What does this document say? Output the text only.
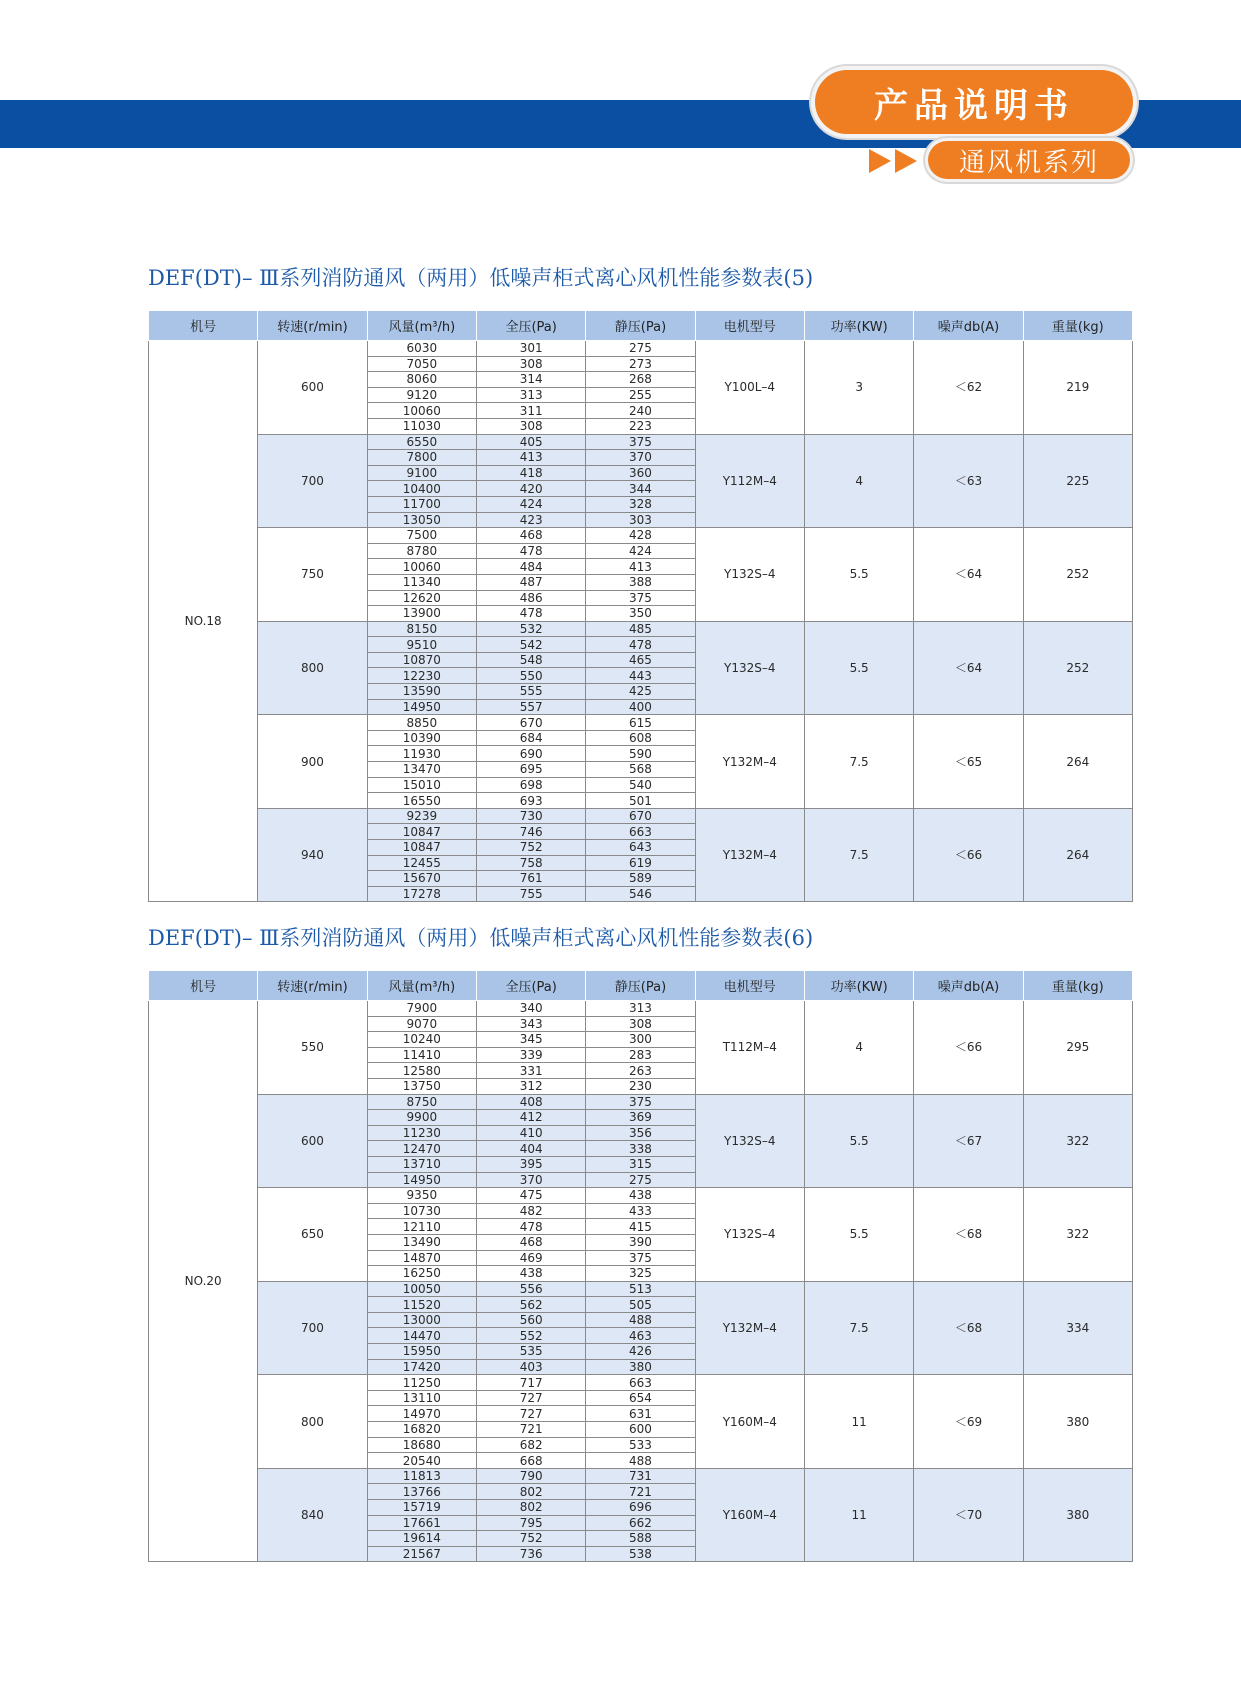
产品说明书
通风机系列
DEF(DT)– Ⅲ系列消防通风（两用）低噪声柜式离心风机性能参数表(5)
机号	转速(r/min)	风量(m³/h)	全压(Pa)	静压(Pa)	电机型号	功率(KW)	噪声db(A)	重量(kg)
NO.18	600	6030	301	275	Y100L–4	3	＜62	219
		7050	308	273				
		8060	314	268				
		9120	313	255				
		10060	311	240				
		11030	308	223				
	700	6550	405	375	Y112M–4	4	＜63	225
		7800	413	370				
		9100	418	360				
		10400	420	344				
		11700	424	328				
		13050	423	303				
	750	7500	468	428	Y132S–4	5.5	＜64	252
		8780	478	424				
		10060	484	413				
		11340	487	388				
		12620	486	375				
		13900	478	350				
	800	8150	532	485	Y132S–4	5.5	＜64	252
		9510	542	478				
		10870	548	465				
		12230	550	443				
		13590	555	425				
		14950	557	400				
	900	8850	670	615	Y132M–4	7.5	＜65	264
		10390	684	608				
		11930	690	590				
		13470	695	568				
		15010	698	540				
		16550	693	501				
	940	9239	730	670	Y132M–4	7.5	＜66	264
		10847	746	663				
		10847	752	643				
		12455	758	619				
		15670	761	589				
		17278	755	546				
DEF(DT)– Ⅲ系列消防通风（两用）低噪声柜式离心风机性能参数表(6)
机号	转速(r/min)	风量(m³/h)	全压(Pa)	静压(Pa)	电机型号	功率(KW)	噪声db(A)	重量(kg)
NO.20	550	7900	340	313	T112M–4	4	＜66	295
		9070	343	308				
		10240	345	300				
		11410	339	283				
		12580	331	263				
		13750	312	230				
	600	8750	408	375	Y132S–4	5.5	＜67	322
		9900	412	369				
		11230	410	356				
		12470	404	338				
		13710	395	315				
		14950	370	275				
	650	9350	475	438	Y132S–4	5.5	＜68	322
		10730	482	433				
		12110	478	415				
		13490	468	390				
		14870	469	375				
		16250	438	325				
	700	10050	556	513	Y132M–4	7.5	＜68	334
		11520	562	505				
		13000	560	488				
		14470	552	463				
		15950	535	426				
		17420	403	380				
	800	11250	717	663	Y160M–4	11	＜69	380
		13110	727	654				
		14970	727	631				
		16820	721	600				
		18680	682	533				
		20540	668	488				
	840	11813	790	731	Y160M–4	11	＜70	380
		13766	802	721				
		15719	802	696				
		17661	795	662				
		19614	752	588				
		21567	736	538				
